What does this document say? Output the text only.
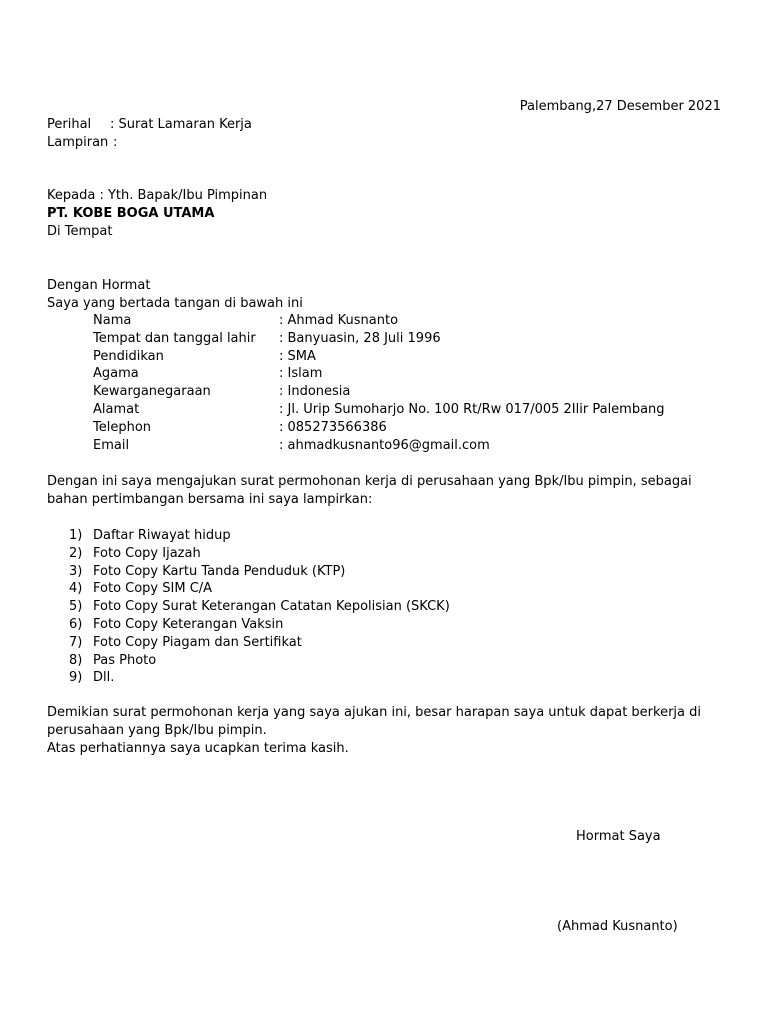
Palembang,27 Desember 2021
Perihal	: Surat Lamaran Kerja
Lampiran :
Kepada : Yth. Bapak/Ibu Pimpinan
PT. KOBE BOGA UTAMA
Di Tempat
Dengan Hormat
Saya yang bertada tangan di bawah ini
Nama	: Ahmad Kusnanto
Tempat dan tanggal lahir	: Banyuasin, 28 Juli 1996
Pendidikan	: SMA
Agama	: Islam
Kewarganegaraan	: Indonesia
Alamat	: Jl. Urip Sumoharjo No. 100 Rt/Rw 017/005 2Ilir Palembang
Telephon	: 085273566386
Email	: ahmadkusnanto96@gmail.com
Dengan ini saya mengajukan surat permohonan kerja di perusahaan yang Bpk/Ibu pimpin, sebagai bahan pertimbangan bersama ini saya lampirkan:
1) Daftar Riwayat hidup
2) Foto Copy Ijazah
3) Foto Copy Kartu Tanda Penduduk (KTP)
4) Foto Copy SIM C/A
5) Foto Copy Surat Keterangan Catatan Kepolisian (SKCK)
6) Foto Copy Keterangan Vaksin
7) Foto Copy Piagam dan Sertifikat
8) Pas Photo
9) Dll.
Demikian surat permohonan kerja yang saya ajukan ini, besar harapan saya untuk dapat berkerja di perusahaan yang Bpk/Ibu pimpin.
Atas perhatiannya saya ucapkan terima kasih.
Hormat Saya
(Ahmad Kusnanto)
